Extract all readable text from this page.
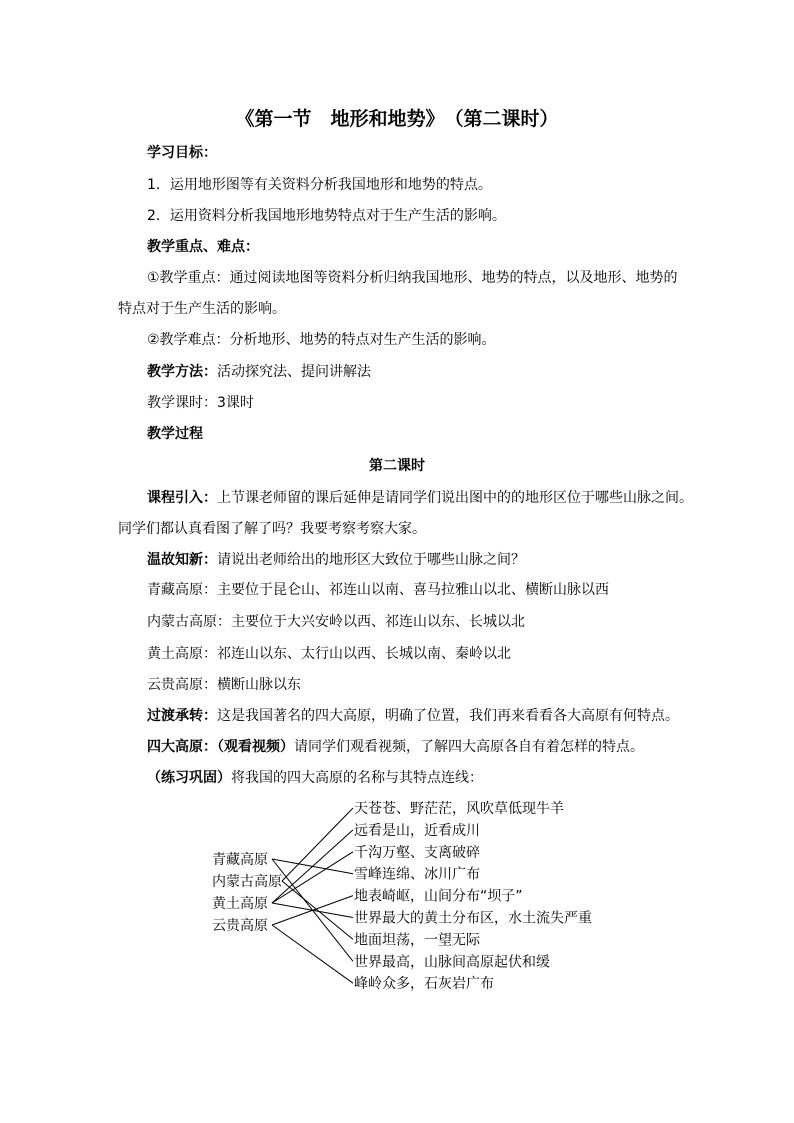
《第一节　地形和地势》　（第二课时）
学习目标：
1．运用地形图等有关资料分析我国地形和地势的特点。
2．运用资料分析我国地形地势特点对于生产生活的影响。
教学重点、难点：
①教学重点：通过阅读地图等资料分析归纳我国地形、地势的特点，以及地形、地势的
特点对于生产生活的影响。
②教学难点：分析地形、地势的特点对生产生活的影响。
教学方法：活动探究法、提问讲解法
教学课时：3课时
教学过程
第二课时
课程引入：上节课老师留的课后延伸是请同学们说出图中的的地形区位于哪些山脉之间。
同学们都认真看图了解了吗？我要考察考察大家。
温故知新：请说出老师给出的地形区大致位于哪些山脉之间？
青藏高原：主要位于昆仑山、祁连山以南、喜马拉雅山以北、横断山脉以西
内蒙古高原：主要位于大兴安岭以西、祁连山以东、长城以北
黄土高原：祁连山以东、太行山以西、长城以南、秦岭以北
云贵高原：横断山脉以东
过渡承转：这是我国著名的四大高原，明确了位置，我们再来看看各大高原有何特点。
四大高原：（观看视频）请同学们观看视频，了解四大高原各自有着怎样的特点。
（练习巩固）将我国的四大高原的名称与其特点连线：
青藏高原
内蒙古高原
黄土高原
云贵高原
天苍苍、野茫茫，风吹草低现牛羊
远看是山，近看成川
千沟万壑、支离破碎
雪峰连绵、冰川广布
地表崎岖，山间分布“坝子”
世界最大的黄土分布区，水土流失严重
地面坦荡，一望无际
世界最高，山脉间高原起伏和缓
峰岭众多，石灰岩广布
